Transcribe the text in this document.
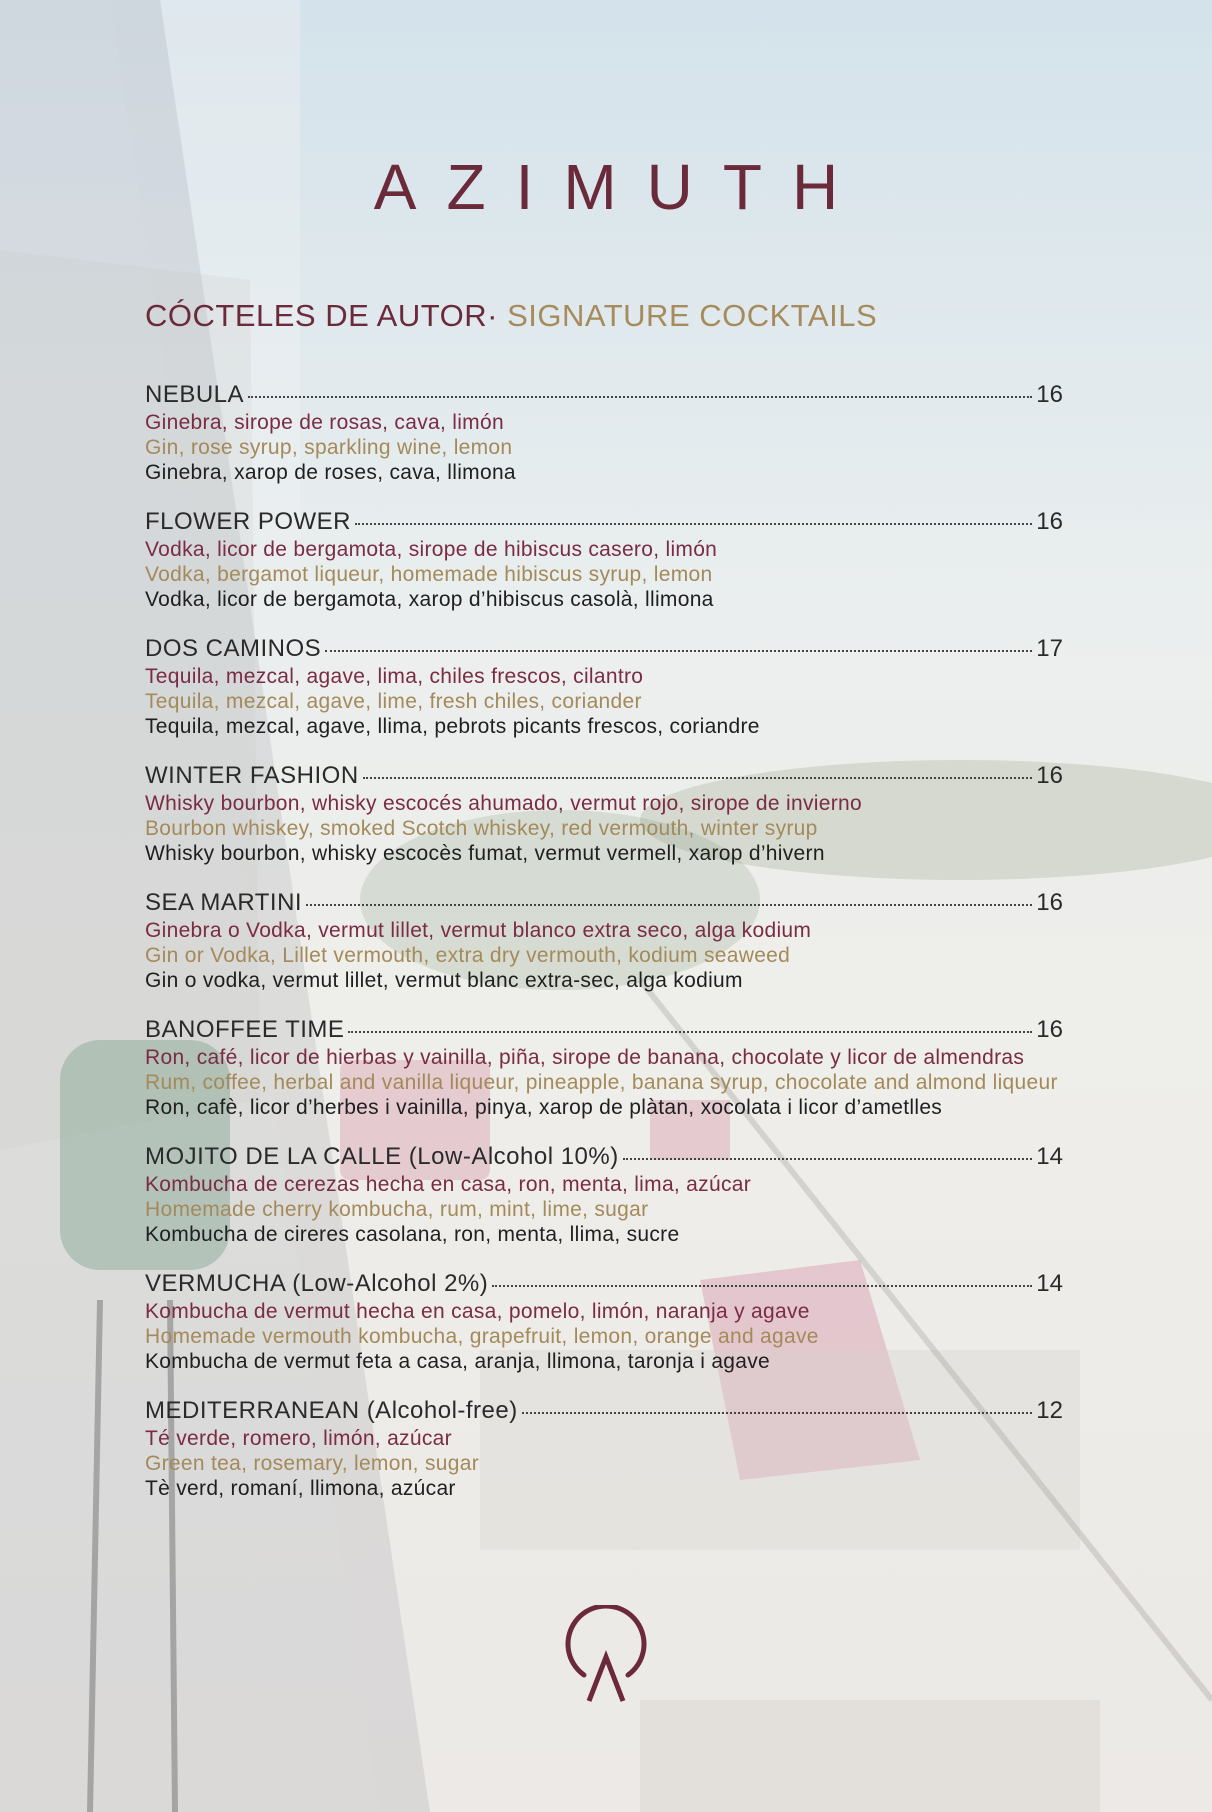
AZIMUTH
CÓCTELES DE AUTOR· SIGNATURE COCKTAILS
NEBULA	16
Ginebra, sirope de rosas, cava, limón
Gin, rose syrup, sparkling wine, lemon
Ginebra, xarop de roses, cava, llimona
FLOWER POWER	16
Vodka, licor de bergamota, sirope de hibiscus casero, limón
Vodka, bergamot liqueur, homemade hibiscus syrup, lemon
Vodka, licor de bergamota, xarop d’hibiscus casolà, llimona
DOS CAMINOS	17
Tequila, mezcal, agave, lima, chiles frescos, cilantro
Tequila, mezcal, agave, lime, fresh chiles, coriander
Tequila, mezcal, agave, llima, pebrots picants frescos, coriandre
WINTER FASHION	16
Whisky bourbon, whisky escocés ahumado, vermut rojo, sirope de invierno
Bourbon whiskey, smoked Scotch whiskey, red vermouth, winter syrup
Whisky bourbon, whisky escocès fumat, vermut vermell, xarop d’hivern
SEA MARTINI	16
Ginebra o Vodka, vermut lillet, vermut blanco extra seco, alga kodium
Gin or Vodka, Lillet vermouth, extra dry vermouth, kodium seaweed
Gin o vodka, vermut lillet, vermut blanc extra-sec, alga kodium
BANOFFEE TIME	16
Ron, café, licor de hierbas y vainilla, piña, sirope de banana, chocolate y licor de almendras
Rum, coffee, herbal and vanilla liqueur, pineapple, banana syrup, chocolate and almond liqueur
Ron, cafè, licor d’herbes i vainilla, pinya, xarop de plàtan, xocolata i licor d’ametlles
MOJITO DE LA CALLE (Low-Alcohol 10%)	14
Kombucha de cerezas hecha en casa, ron, menta, lima, azúcar
Homemade cherry kombucha, rum, mint, lime, sugar
Kombucha de cireres casolana, ron, menta, llima, sucre
VERMUCHA (Low-Alcohol 2%)	14
Kombucha de vermut hecha en casa, pomelo, limón, naranja y agave
Homemade vermouth kombucha, grapefruit, lemon, orange and agave
Kombucha de vermut feta a casa, aranja, llimona, taronja i agave
MEDITERRANEAN (Alcohol-free)	12
Té verde, romero, limón, azúcar
Green tea, rosemary, lemon, sugar
Tè verd, romaní, llimona, azúcar
